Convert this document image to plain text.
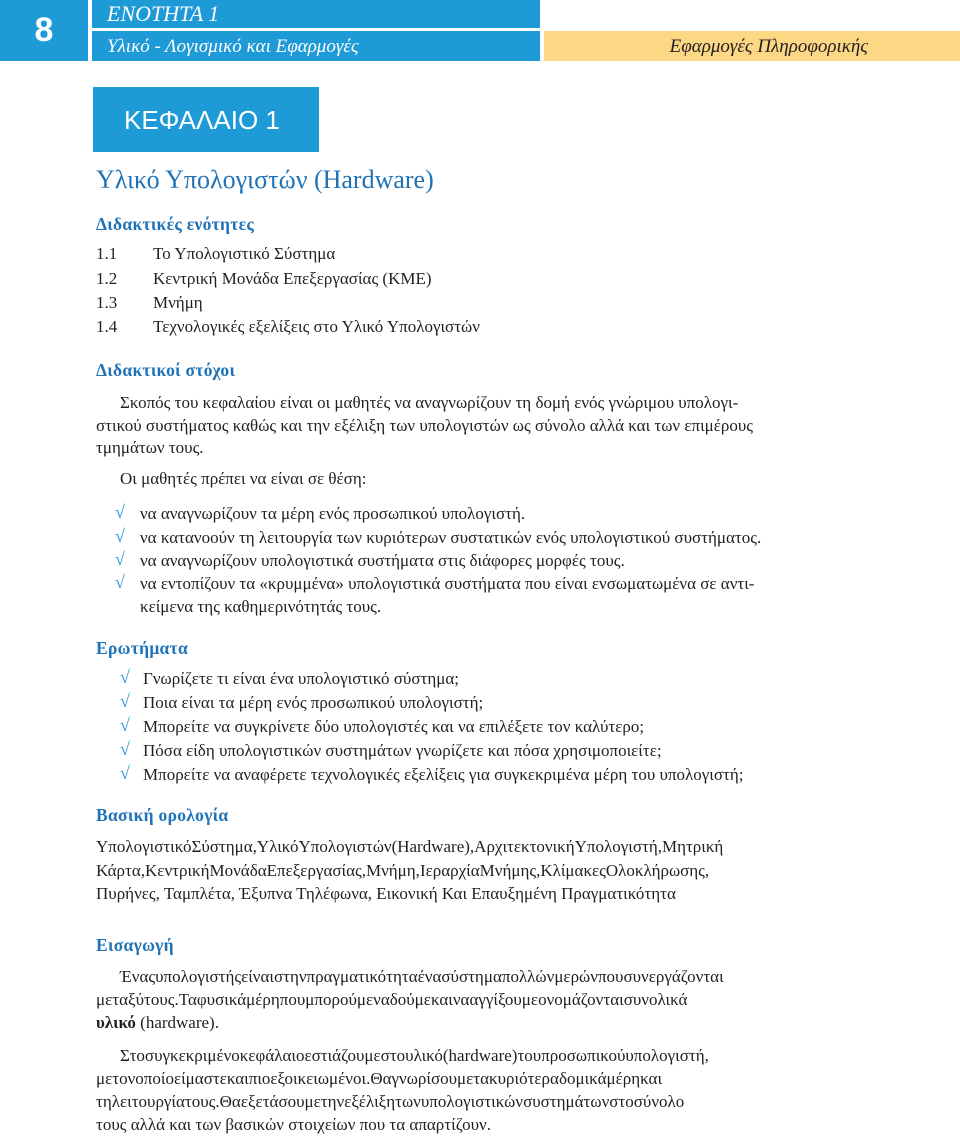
8	ΕΝΟΤΗΤΑ 1
Υλικό - Λογισμικό και Εφαρμογές	Εφαρμογές Πληροφορικής
ΚΕΦΑΛΑΙΟ 1
Υλικό Υπολογιστών (Hardware)
Διδακτικές ενότητες
1.1 Το Υπολογιστικό Σύστημα
1.2 Κεντρική Μονάδα Επεξεργασίας (ΚΜΕ)
1.3 Μνήμη
1.4 Τεχνολογικές εξελίξεις στο Υλικό Υπολογιστών
Διδακτικοί στόχοι
Σκοπός του κεφαλαίου είναι οι μαθητές να αναγνωρίζουν τη δομή ενός γνώριμου υπολογι-
στικού συστήματος καθώς και την εξέλιξη των υπολογιστών ως σύνολο αλλά και των επιμέρους
τμημάτων τους.
Οι μαθητές πρέπει να είναι σε θέση:
√ να αναγνωρίζουν τα μέρη ενός προσωπικού υπολογιστή.
√ να κατανοούν τη λειτουργία των κυριότερων συστατικών ενός υπολογιστικού συστήματος.
√ να αναγνωρίζουν υπολογιστικά συστήματα στις διάφορες μορφές τους.
√ να εντοπίζουν τα «κρυμμένα» υπολογιστικά συστήματα που είναι ενσωματωμένα σε αντι-
κείμενα της καθημερινότητάς τους.
Ερωτήματα
√ Γνωρίζετε τι είναι ένα υπολογιστικό σύστημα;
√ Ποια είναι τα μέρη ενός προσωπικού υπολογιστή;
√ Μπορείτε να συγκρίνετε δύο υπολογιστές και να επιλέξετε τον καλύτερο;
√ Πόσα είδη υπολογιστικών συστημάτων γνωρίζετε και πόσα χρησιμοποιείτε;
√ Μπορείτε να αναφέρετε τεχνολογικές εξελίξεις για συγκεκριμένα μέρη του υπολογιστή;
Βασική ορολογία
ΥπολογιστικόΣύστημα,ΥλικόΥπολογιστών(Hardware),ΑρχιτεκτονικήΥπολογιστή,Μητρική
Κάρτα,ΚεντρικήΜονάδαΕπεξεργασίας,Μνήμη,ΙεραρχίαΜνήμης,ΚλίμακεςΟλοκλήρωσης,
Πυρήνες, Ταμπλέτα, Έξυπνα Τηλέφωνα, Εικονική Και Επαυξημένη Πραγματικότητα
Εισαγωγή
Έναςυπολογιστήςείναιστηνπραγματικότηταένασύστημαπολλώνμερώνπουσυνεργάζονται
μεταξύτους.Ταφυσικάμέρηπουμπορούμεναδούμεκαινααγγίξουμεονομάζονταισυνολικά
υλικό (hardware).
Στοσυγκεκριμένοκεφάλαιοεστιάζουμεστουλικό(hardware)τουπροσωπικούυπολογιστή,
μετονοποίοείμαστεκαιπιοεξοικειωμένοι.Θαγνωρίσουμετακυριότεραδομικάμέρηκαι
τηλειτουργίατους.Θαεξετάσουμετηνεξέλιξητωνυπολογιστικώνσυστημάτωνστοσύνολο
τους αλλά και των βασικών στοιχείων που τα απαρτίζουν.
